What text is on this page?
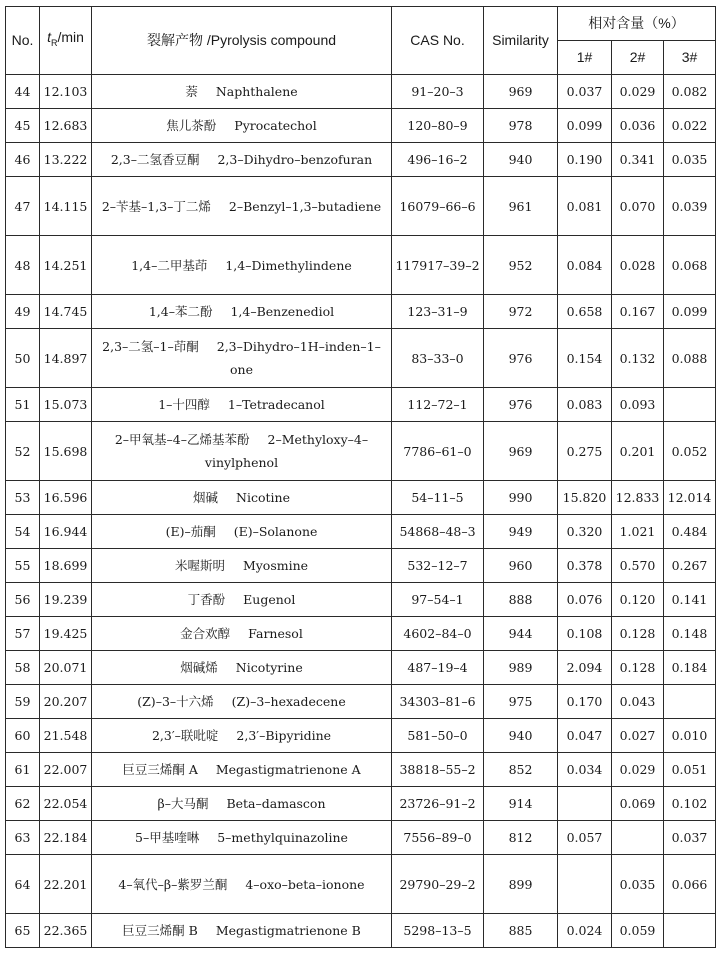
No.	$t_R/\min$	裂解产物 /Pyrolysis compound	CAS No.	Similarity	相对含量（%）		
					1#	2#	3#
44	12.103	萘 Naphthalene	91–20–3	969	0.037	0.029	0.082
45	12.683	焦儿茶酚 Pyrocatechol	120–80–9	978	0.099	0.036	0.022
46	13.222	2,3–二氢香豆酮 2,3–Dihydro–benzofuran	496–16–2	940	0.190	0.341	0.035
47	14.115	2–苄基–1,3–丁二烯 2–Benzyl–1,3–butadiene	16079–66–6	961	0.081	0.070	0.039
48	14.251	1,4–二甲基茚 1,4–Dimethylindene	117917–39–2	952	0.084	0.028	0.068
49	14.745	1,4–苯二酚 1,4–Benzenediol	123–31–9	972	0.658	0.167	0.099
50	14.897	2,3–二氢–1–茚酮 2,3–Dihydro–1H–inden–1–one	83–33–0	976	0.154	0.132	0.088
51	15.073	1–十四醇 1–Tetradecanol	112–72–1	976	0.083	0.093	
52	15.698	2–甲氧基–4–乙烯基苯酚 2–Methyloxy–4–vinylphenol	7786–61–0	969	0.275	0.201	0.052
53	16.596	烟碱 Nicotine	54–11–5	990	15.820	12.833	12.014
54	16.944	(E)–茄酮 (E)–Solanone	54868–48–3	949	0.320	1.021	0.484
55	18.699	米喔斯明 Myosmine	532–12–7	960	0.378	0.570	0.267
56	19.239	丁香酚 Eugenol	97–54–1	888	0.076	0.120	0.141
57	19.425	金合欢醇 Farnesol	4602–84–0	944	0.108	0.128	0.148
58	20.071	烟碱烯 Nicotyrine	487–19–4	989	2.094	0.128	0.184
59	20.207	(Z)–3–十六烯 (Z)–3–hexadecene	34303–81–6	975	0.170	0.043	
60	21.548	2,3′–联吡啶 2,3′–Bipyridine	581–50–0	940	0.047	0.027	0.010
61	22.007	巨豆三烯酮 A Megastigmatrienone A	38818–55–2	852	0.034	0.029	0.051
62	22.054	β–大马酮 Beta–damascon	23726–91–2	914		0.069	0.102
63	22.184	5–甲基喹啉 5–methylquinazoline	7556–89–0	812	0.057		0.037
64	22.201	4–氧代–β–紫罗兰酮 4–oxo–beta–ionone	29790–29–2	899		0.035	0.066
65	22.365	巨豆三烯酮 B Megastigmatrienone B	5298–13–5	885	0.024	0.059	
